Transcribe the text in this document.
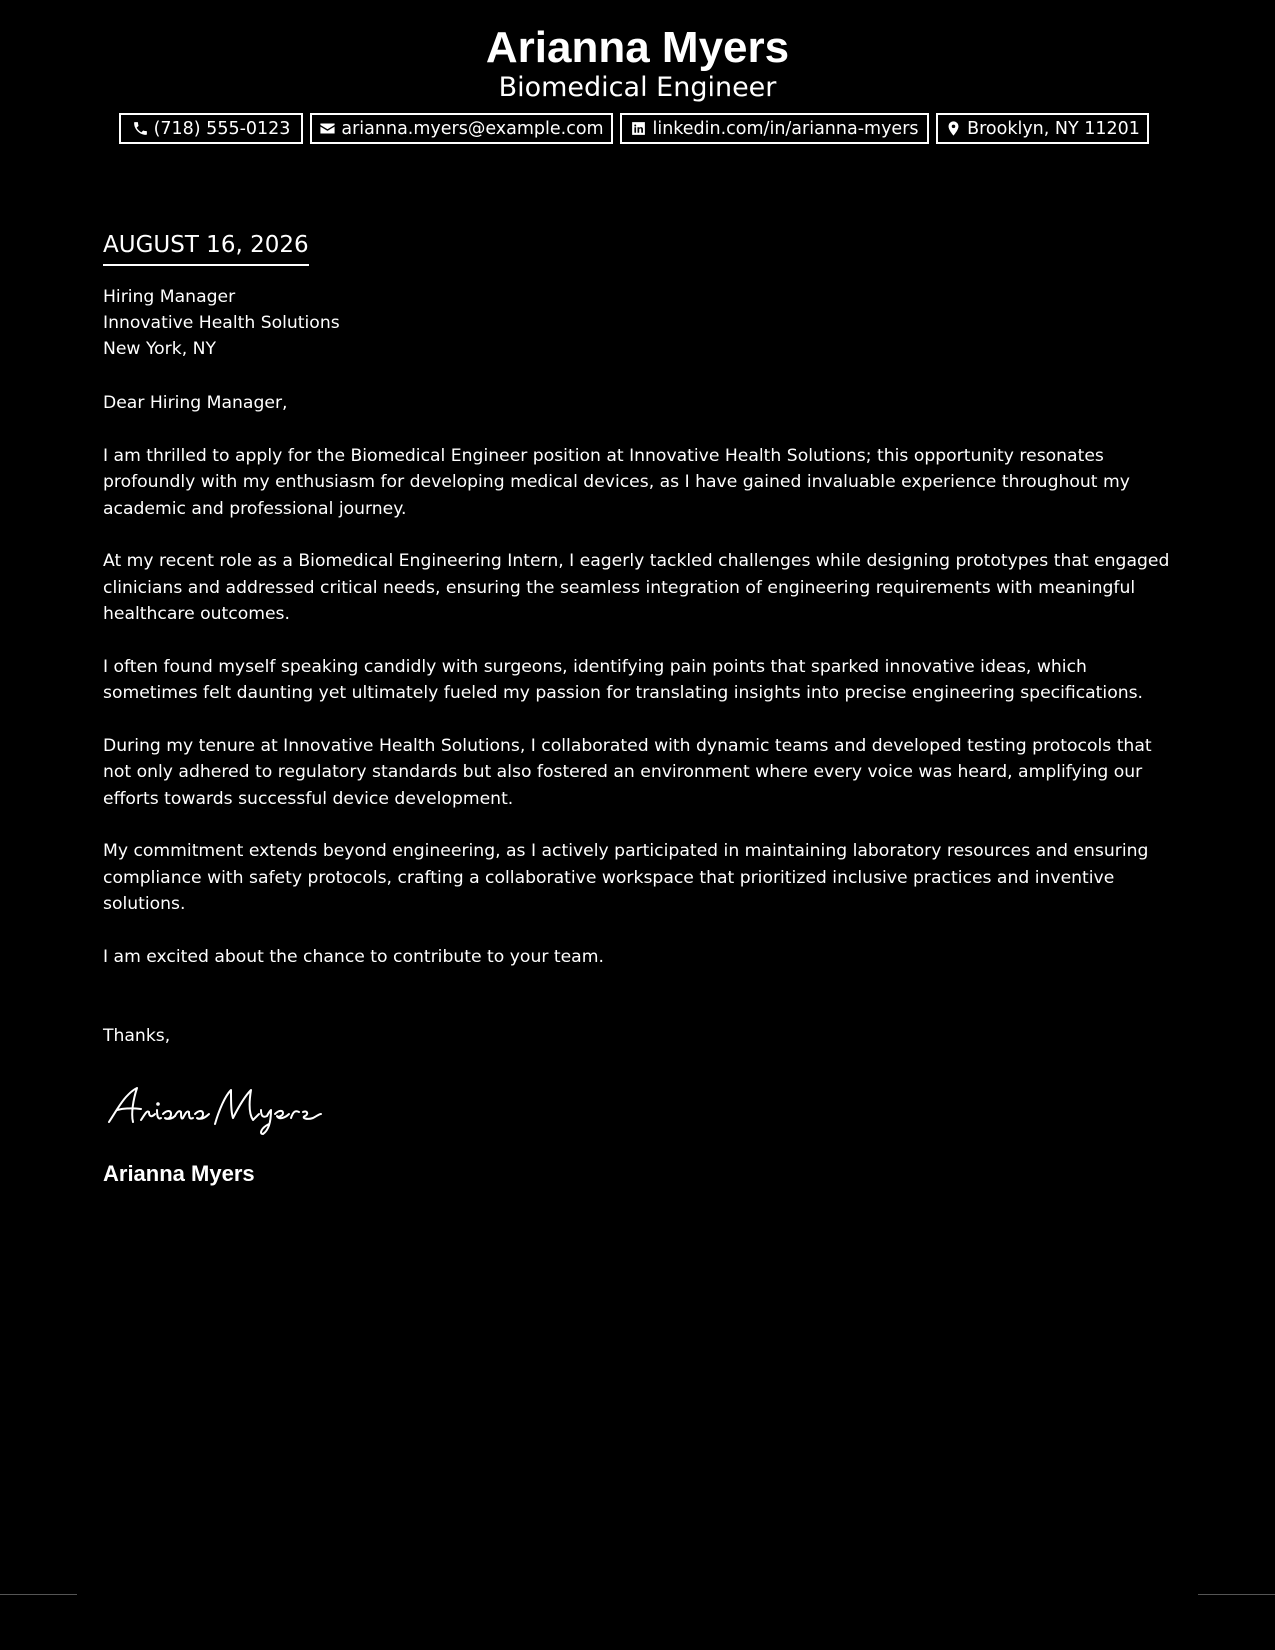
Arianna Myers
Biomedical Engineer
(718) 555-0123	arianna.myers@example.com	linkedin.com/in/arianna-myers	Brooklyn, NY 11201
AUGUST 16, 2026
Hiring Manager
Innovative Health Solutions
New York, NY
Dear Hiring Manager,
I am thrilled to apply for the Biomedical Engineer position at Innovative Health Solutions; this opportunity resonates profoundly with my enthusiasm for developing medical devices, as I have gained invaluable experience throughout my academic and professional journey.
At my recent role as a Biomedical Engineering Intern, I eagerly tackled challenges while designing prototypes that engaged clinicians and addressed critical needs, ensuring the seamless integration of engineering requirements with meaningful healthcare outcomes.
I often found myself speaking candidly with surgeons, identifying pain points that sparked innovative ideas, which sometimes felt daunting yet ultimately fueled my passion for translating insights into precise engineering specifications.
During my tenure at Innovative Health Solutions, I collaborated with dynamic teams and developed testing protocols that not only adhered to regulatory standards but also fostered an environment where every voice was heard, amplifying our efforts towards successful device development.
My commitment extends beyond engineering, as I actively participated in maintaining laboratory resources and ensuring compliance with safety protocols, crafting a collaborative workspace that prioritized inclusive practices and inventive solutions.
I am excited about the chance to contribute to your team.
Thanks,
Arianna Myers
